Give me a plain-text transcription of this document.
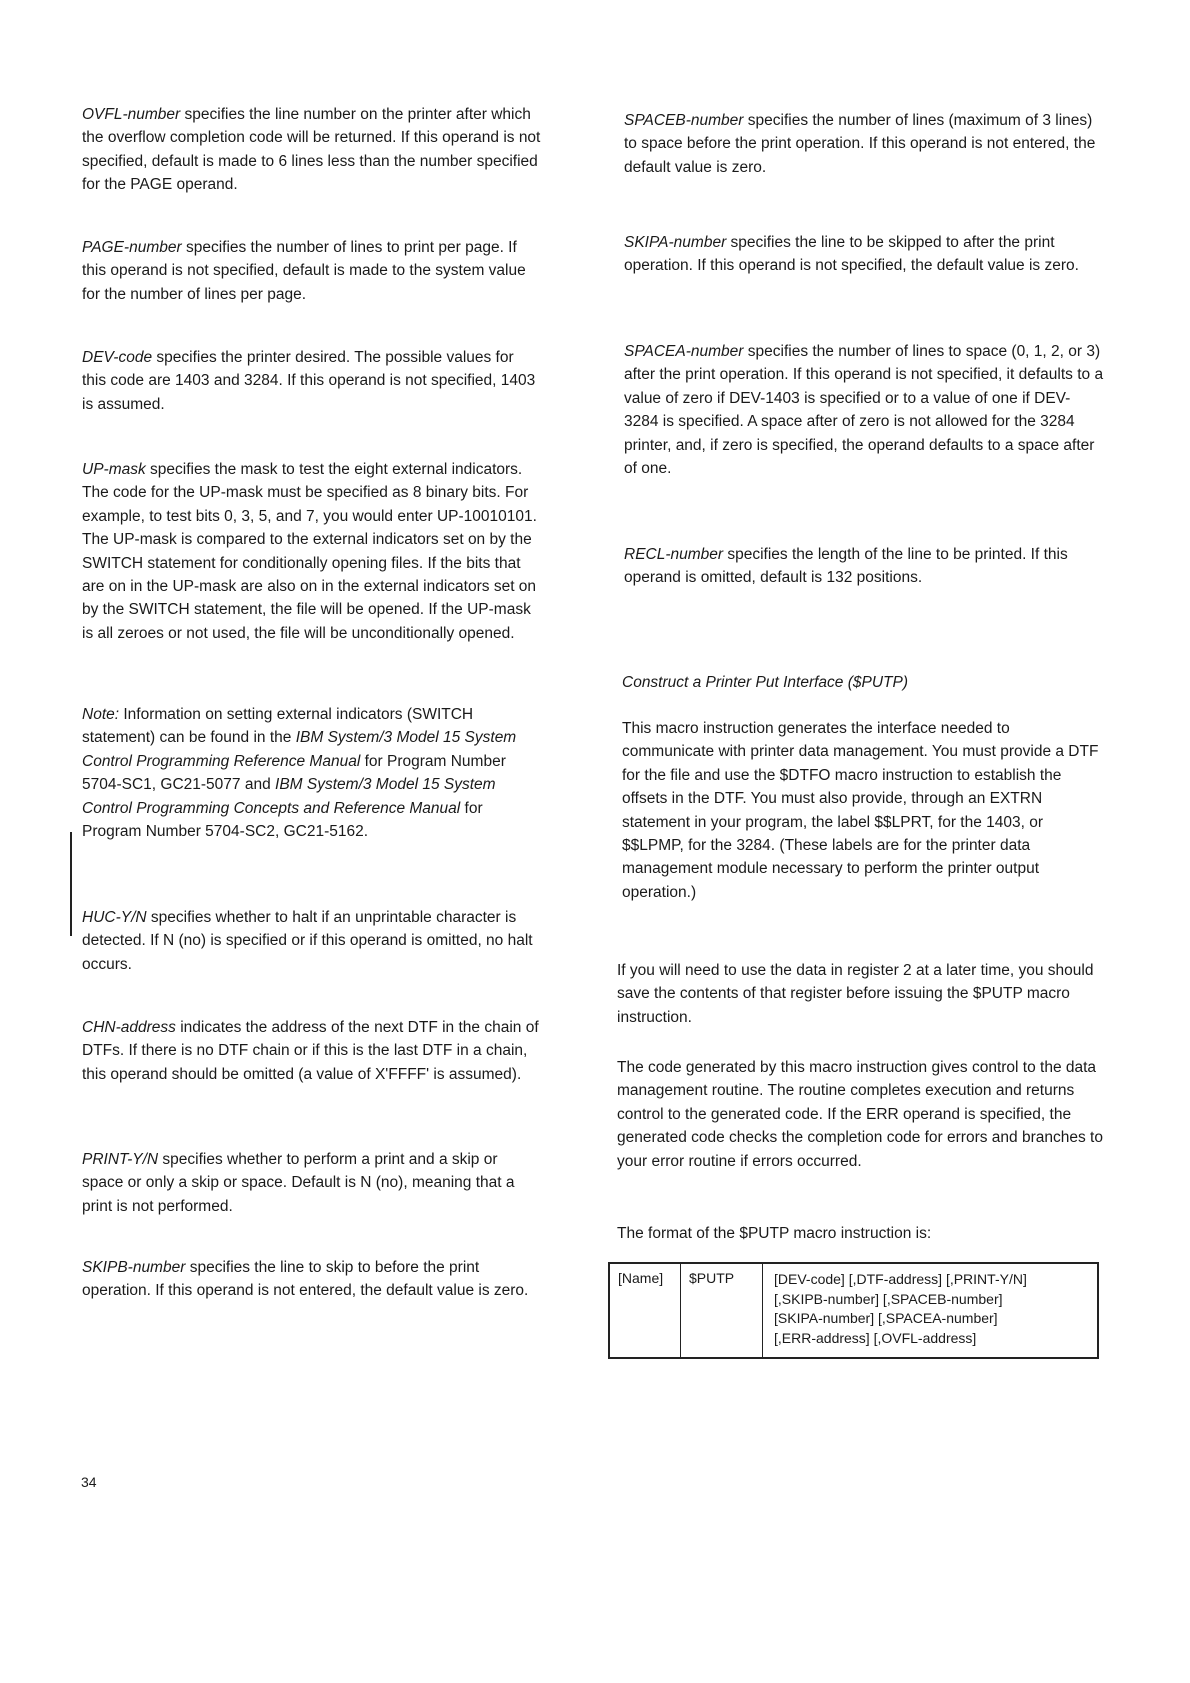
OVFL-number specifies the line number on the printer after which the overflow completion code will be returned. If this operand is not specified, default is made to 6 lines less than the number specified for the PAGE operand.

PAGE-number specifies the number of lines to print per page. If this operand is not specified, default is made to the system value for the number of lines per page.

DEV-code specifies the printer desired. The possible values for this code are 1403 and 3284. If this operand is not specified, 1403 is assumed.

UP-mask specifies the mask to test the eight external indicators. The code for the UP-mask must be specified as 8 binary bits. For example, to test bits 0, 3, 5, and 7, you would enter UP-10010101. The UP-mask is compared to the external indicators set on by the SWITCH statement for conditionally opening files. If the bits that are on in the UP-mask are also on in the external indicators set on by the SWITCH statement, the file will be opened. If the UP-mask is all zeroes or not used, the file will be unconditionally opened.

Note: Information on setting external indicators (SWITCH statement) can be found in the IBM System/3 Model 15 System Control Programming Reference Manual for Program Number 5704-SC1, GC21-5077 and IBM System/3 Model 15 System Control Programming Concepts and Reference Manual for Program Number 5704-SC2, GC21-5162.

HUC-Y/N specifies whether to halt if an unprintable character is detected. If N (no) is specified or if this operand is omitted, no halt occurs.

CHN-address indicates the address of the next DTF in the chain of DTFs. If there is no DTF chain or if this is the last DTF in a chain, this operand should be omitted (a value of X'FFFF' is assumed).

PRINT-Y/N specifies whether to perform a print and a skip or space or only a skip or space. Default is N (no), meaning that a print is not performed.

SKIPB-number specifies the line to skip to before the print operation. If this operand is not entered, the default value is zero.

SPACEB-number specifies the number of lines (maximum of 3 lines) to space before the print operation. If this operand is not entered, the default value is zero.

SKIPA-number specifies the line to be skipped to after the print operation. If this operand is not specified, the default value is zero.

SPACEA-number specifies the number of lines to space (0, 1, 2, or 3) after the print operation. If this operand is not specified, it defaults to a value of zero if DEV-1403 is specified or to a value of one if DEV-3284 is specified. A space after of zero is not allowed for the 3284 printer, and, if zero is specified, the operand defaults to a space after of one.

RECL-number specifies the length of the line to be printed. If this operand is omitted, default is 132 positions.

Construct a Printer Put Interface ($PUTP)

This macro instruction generates the interface needed to communicate with printer data management. You must provide a DTF for the file and use the $DTFO macro instruction to establish the offsets in the DTF. You must also provide, through an EXTRN statement in your program, the label $$LPRT, for the 1403, or $$LPMP, for the 3284. (These labels are for the printer data management module necessary to perform the printer output operation.)

If you will need to use the data in register 2 at a later time, you should save the contents of that register before issuing the $PUTP macro instruction.

The code generated by this macro instruction gives control to the data management routine. The routine completes execution and returns control to the generated code. If the ERR operand is specified, the generated code checks the completion code for errors and branches to your error routine if errors occurred.

The format of the $PUTP macro instruction is:

[Name]	$PUTP	[DEV-code] [,DTF-address] [,PRINT-Y/N]
[,SKIPB-number] [,SPACEB-number]
[SKIPA-number] [,SPACEA-number]
[,ERR-address] [,OVFL-address]
34
